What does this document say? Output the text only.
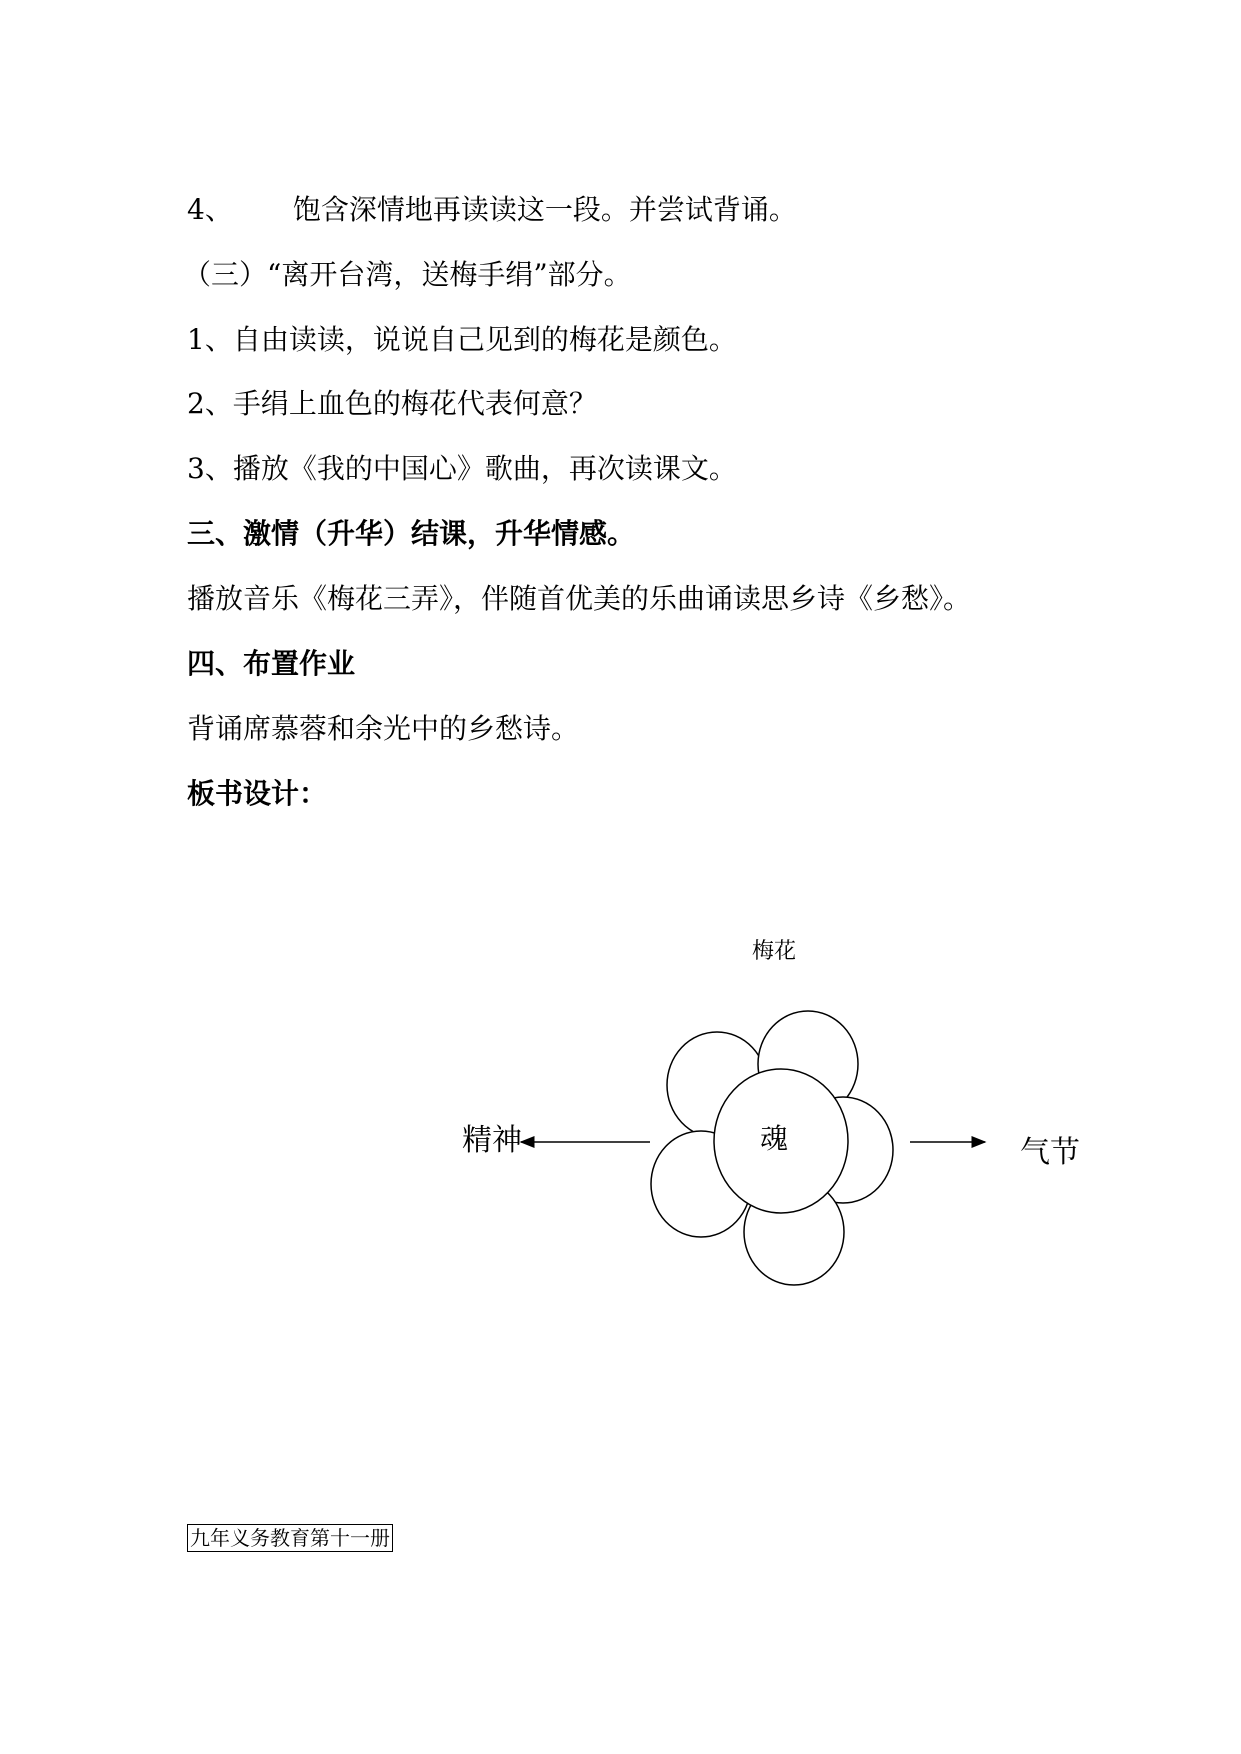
4、 饱含深情地再读读这一段。并尝试背诵。
（三）“离开台湾，送梅手绢”部分。
1、自由读读，说说自己见到的梅花是颜色。
2、手绢上血色的梅花代表何意？
3、播放《我的中国心》歌曲，再次读课文。
三、激情（升华）结课，升华情感。
播放音乐《梅花三弄》，伴随首优美的乐曲诵读思乡诗《乡愁》。
四、布置作业
背诵席慕蓉和余光中的乡愁诗。
板书设计：
梅花
魂
精神	气节
九年义务教育第十一册
